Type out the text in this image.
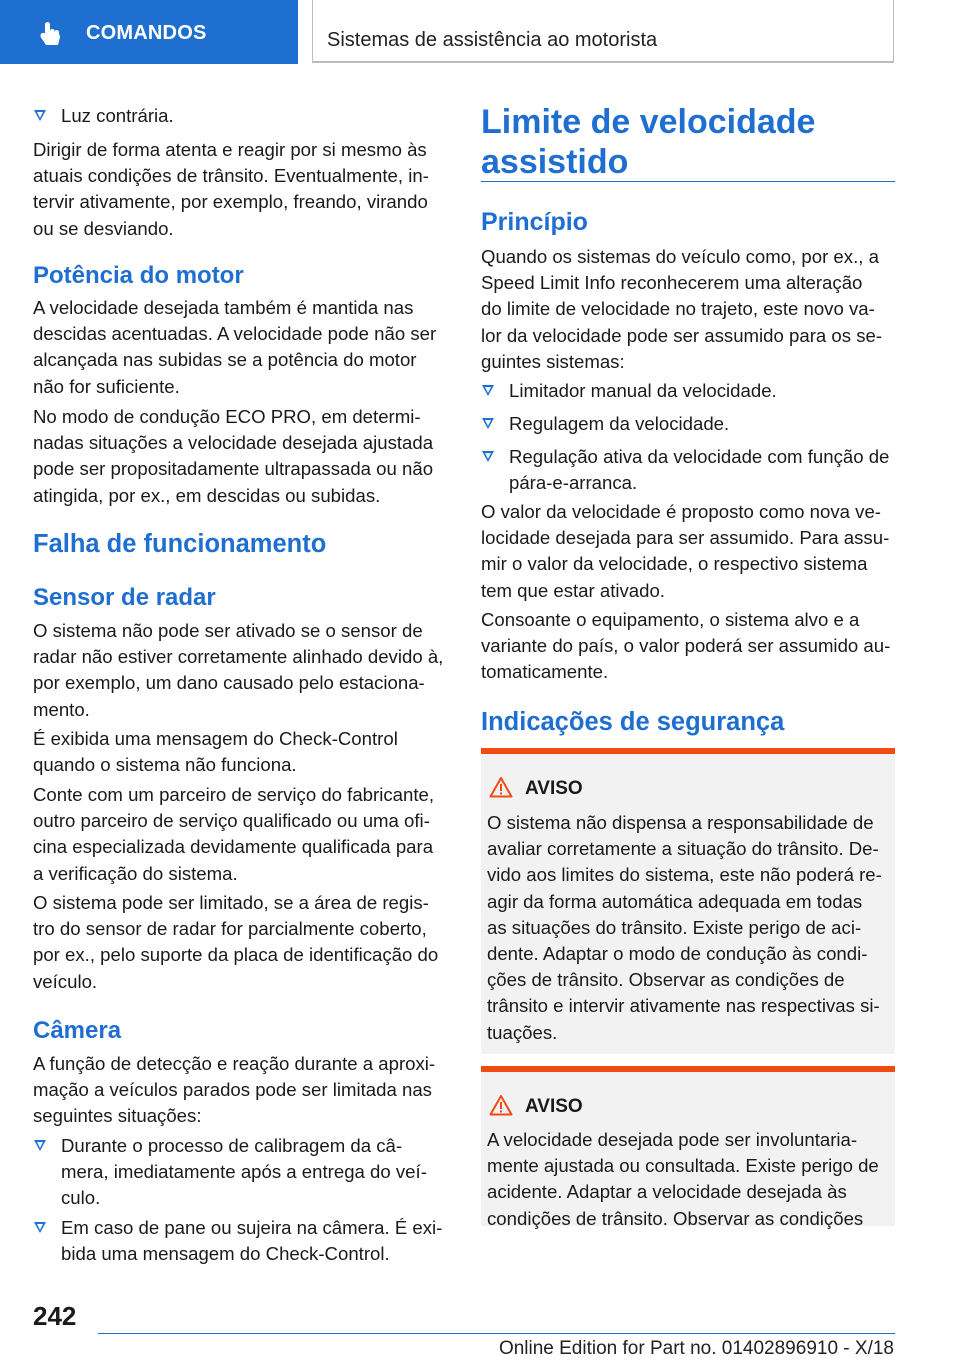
COMANDOS	Sistemas de assistência ao motorista
Luz contrária.
Dirigir de forma atenta e reagir por si mesmo às
atuais condições de trânsito. Eventualmente, in‐
tervir ativamente, por exemplo, freando, virando
ou se desviando.
Potência do motor
A velocidade desejada também é mantida nas
descidas acentuadas. A velocidade pode não ser
alcançada nas subidas se a potência do motor
não for suficiente.
No modo de condução ECO PRO, em determi‐
nadas situações a velocidade desejada ajustada
pode ser propositadamente ultrapassada ou não
atingida, por ex., em descidas ou subidas.
Falha de funcionamento
Sensor de radar
O sistema não pode ser ativado se o sensor de
radar não estiver corretamente alinhado devido à,
por exemplo, um dano causado pelo estaciona‐
mento.
É exibida uma mensagem do Check-Control
quando o sistema não funciona.
Conte com um parceiro de serviço do fabricante,
outro parceiro de serviço qualificado ou uma ofi‐
cina especializada devidamente qualificada para
a verificação do sistema.
O sistema pode ser limitado, se a área de regis‐
tro do sensor de radar for parcialmente coberto,
por ex., pelo suporte da placa de identificação do
veículo.
Câmera
A função de detecção e reação durante a aproxi‐
mação a veículos parados pode ser limitada nas
seguintes situações:
Durante o processo de calibragem da câ‐
mera, imediatamente após a entrega do veí‐
culo.
Em caso de pane ou sujeira na câmera. É exi‐
bida uma mensagem do Check-Control.
Limite de velocidade
assistido
Princípio
Quando os sistemas do veículo como, por ex., a
Speed Limit Info reconhecerem uma alteração
do limite de velocidade no trajeto, este novo va‐
lor da velocidade pode ser assumido para os se‐
guintes sistemas:
Limitador manual da velocidade.
Regulagem da velocidade.
Regulação ativa da velocidade com função de
pára-e-arranca.
O valor da velocidade é proposto como nova ve‐
locidade desejada para ser assumido. Para assu‐
mir o valor da velocidade, o respectivo sistema
tem que estar ativado.
Consoante o equipamento, o sistema alvo e a
variante do país, o valor poderá ser assumido au‐
tomaticamente.
Indicações de segurança
AVISO
O sistema não dispensa a responsabilidade de
avaliar corretamente a situação do trânsito. De‐
vido aos limites do sistema, este não poderá re‐
agir da forma automática adequada em todas
as situações do trânsito. Existe perigo de aci‐
dente. Adaptar o modo de condução às condi‐
ções de trânsito. Observar as condições de
trânsito e intervir ativamente nas respectivas si‐
tuações.
AVISO
A velocidade desejada pode ser involuntaria‐
mente ajustada ou consultada. Existe perigo de
acidente. Adaptar a velocidade desejada às
condições de trânsito. Observar as condições
242
Online Edition for Part no. 01402896910 - X/18
